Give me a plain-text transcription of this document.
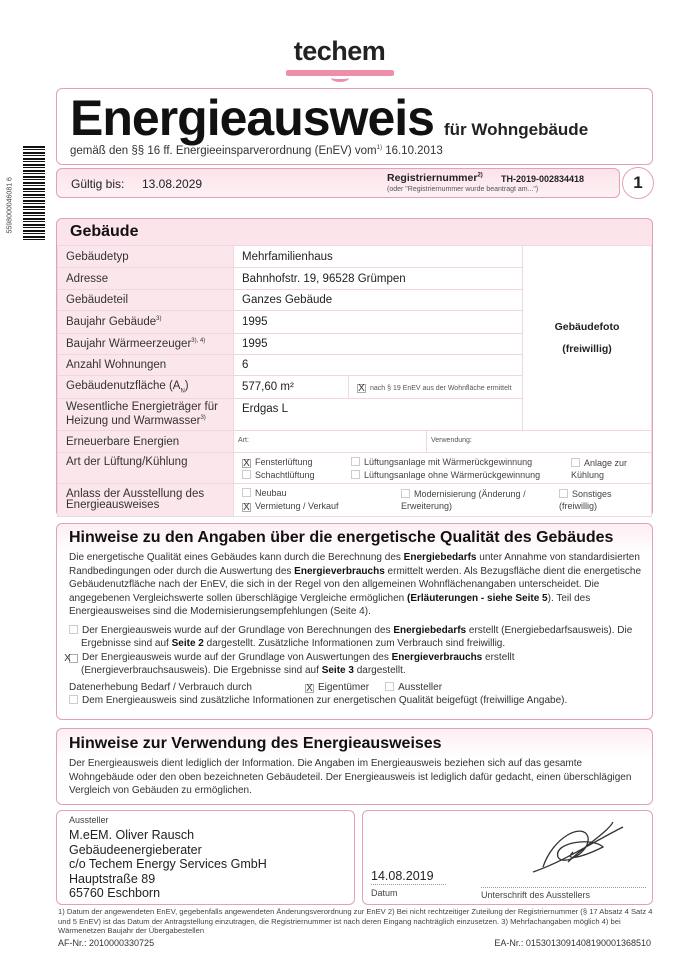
techem
5598000046081 6
Energieausweis für Wohngebäude
gemäß den §§ 16 ff. Energieeinsparverordnung (EnEV) vom$^{1)}$ 16.10.2013
Gültig bis: 13.08.2029	Registriernummer$^{2)}$ TH-2019-002834418
(oder "Registriernummer wurde beantragt am...")	1
Gebäude
Gebäudetyp	Mehrfamilienhaus		Gebäudefoto
(freiwillig)

Adresse	Bahnhofstr. 19, 96528 Grümpen		
Gebäudeteil	Ganzes Gebäude		
Baujahr Gebäude$^{3)}$	1995		
Baujahr Wärmeerzeuger$^{3), 4)}$	1995		
Anzahl Wohnungen	6		
Gebäudenutzfläche $(A_N)$	577,60 m²	X nach § 19 EnEV aus der Wohnfläche ermittelt	
Wesentliche Energieträger für Heizung und Warmwasser$^{3)}$	Erdgas L		
Erneuerbare Energien	Art: Verwendung:		

Art der Lüftung/Kühlung	X Fensterlüftung Lüftungsanlage mit Wärmerückgewinnung Anlage zur Kühlung
Schachtlüftung Lüftungsanlage ohne Wärmerückgewinnung		

Anlass der Ausstellung des Energieausweises	Neubau Modernisierung (Änderung / Erweiterung)
Sonstiges (freiwillig)
X Vermietung / Verkauf		
Hinweise zu den Angaben über die energetische Qualität des Gebäudes
Die energetische Qualität eines Gebäudes kann durch die Berechnung des Energiebedarfs unter Annahme von standardisierten Randbedingungen oder durch die Auswertung des Energieverbrauchs ermittelt werden. Als Bezugsfläche dient die energetische Gebäudenutzfläche nach der EnEV, die sich in der Regel von den allgemeinen Wohnflächenangaben unterscheidet. Die angegebenen Vergleichswerte sollen überschlägige Vergleiche ermöglichen (Erläuterungen - siehe Seite 5). Teil des Energieausweises sind die Modernisierungsempfehlungen (Seite 4).
Der Energieausweis wurde auf der Grundlage von Berechnungen des Energiebedarfs erstellt (Energiebedarfsausweis). Die Ergebnisse sind auf Seite 2 dargestellt. Zusätzliche Informationen zum Verbrauch sind freiwillig.
X Der Energieausweis wurde auf der Grundlage von Auswertungen des Energieverbrauchs erstellt (Energieverbrauchsausweis). Die Ergebnisse sind auf Seite 3 dargestellt.
Datenerhebung Bedarf / Verbrauch durch	X Eigentümer	Aussteller
Dem Energieausweis sind zusätzliche Informationen zur energetischen Qualität beigefügt (freiwillige Angabe).
Hinweise zur Verwendung des Energieausweises
Der Energieausweis dient lediglich der Information. Die Angaben im Energieausweis beziehen sich auf das gesamte Wohngebäude oder den oben bezeichneten Gebäudeteil. Der Energieausweis ist lediglich dafür gedacht, einen überschlägigen Vergleich von Gebäuden zu ermöglichen.
Aussteller
M.eEM. Oliver Rausch
Gebäudeenergieberater
c/o Techem Energy Services GmbH
Hauptstraße 89
65760 Eschborn
14.08.2019
Datum	Unterschrift des Ausstellers
1) Datum der angewendeten EnEV, gegebenfalls angewendeten Änderungsverordnung zur EnEV 2) Bei nicht rechtzeitiger Zuteilung der Registriernummer (§ 17 Absatz 4 Satz 4 und 5 EnEV) ist das Datum der Antragstellung einzutragen, die Registriernummer ist nach deren Eingang nachträglich einzusetzen. 3) Mehrfachangaben möglich 4) bei Wärmenetzen Baujahr der Übergabestellen
AF-Nr.: 2010000330725	EA-Nr.: 01530130914081900013685​10
